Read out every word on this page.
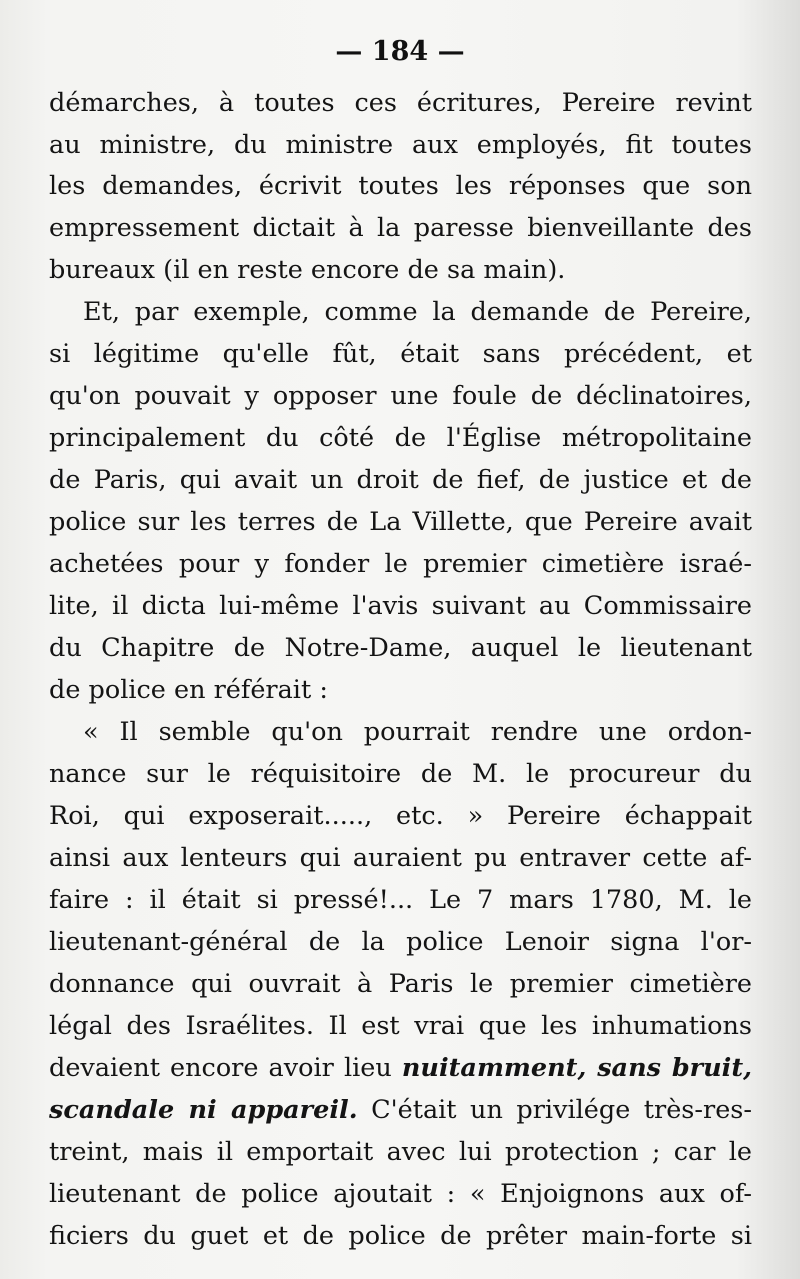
— 184 —
démarches, à toutes ces écritures, Pereire revint
au ministre, du ministre aux employés, fit toutes
les demandes, écrivit toutes les réponses que son
empressement dictait à la paresse bienveillante des
bureaux (il en reste encore de sa main).
Et, par exemple, comme la demande de Pereire,
si légitime qu'elle fût, était sans précédent, et
qu'on pouvait y opposer une foule de déclinatoires,
principalement du côté de l'Église métropolitaine
de Paris, qui avait un droit de fief, de justice et de
police sur les terres de La Villette, que Pereire avait
achetées pour y fonder le premier cimetière israé-
lite, il dicta lui-même l'avis suivant au Commissaire
du Chapitre de Notre-Dame, auquel le lieutenant
de police en référait :
« Il semble qu'on pourrait rendre une ordon-
nance sur le réquisitoire de M. le procureur du
Roi, qui exposerait....., etc. » Pereire échappait
ainsi aux lenteurs qui auraient pu entraver cette af-
faire : il était si pressé!... Le 7 mars 1780, M. le
lieutenant-général de la police Lenoir signa l'or-
donnance qui ouvrait à Paris le premier cimetière
légal des Israélites. Il est vrai que les inhumations
devaient encore avoir lieu nuitamment, sans bruit,
scandale ni appareil. C'était un privilége très-res-
treint, mais il emportait avec lui protection ; car le
lieutenant de police ajoutait : « Enjoignons aux of-
ficiers du guet et de police de prêter main-forte si
